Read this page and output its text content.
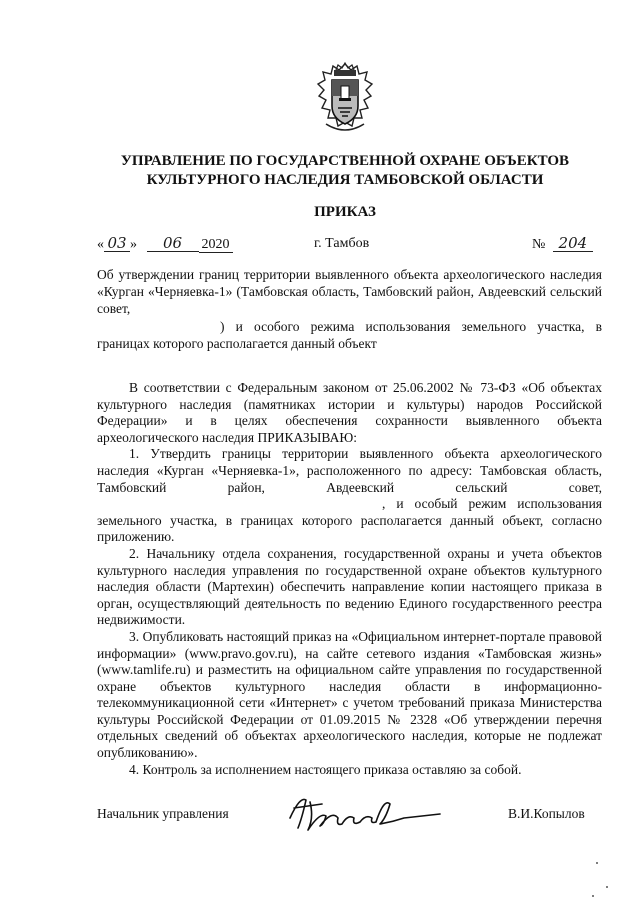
УПРАВЛЕНИЕ ПО ГОСУДАРСТВЕННОЙ ОХРАНЕ ОБЪЕКТОВ
КУЛЬТУРНОГО НАСЛЕДИЯ ТАМБОВСКОЙ ОБЛАСТИ
ПРИКАЗ
« 03 » 06 2020	г. Тамбов	№ 204
Об утверждении границ территории выявленного объекта археологического наследия «Курган «Черняевка-1» (Тамбовская область, Тамбовский район, Авдеевский сельский совет,
) и особого режима использования земельного участка, в границах которого располагается данный объект

В соответствии с Федеральным законом от 25.06.2002 № 73-ФЗ «Об объектах культурного наследия (памятниках истории и культуры) народов Российской Федерации» и в целях обеспечения сохранности выявленного объекта археологического наследия ПРИКАЗЫВАЮ:

1. Утвердить границы территории выявленного объекта археологического наследия «Курган «Черняевка-1», расположенного по адресу: Тамбовская область, Тамбовский район, Авдеевский сельский совет, , и особый режим использования земельного участка, в границах которого располагается данный объект, согласно приложению.

2. Начальнику отдела сохранения, государственной охраны и учета объектов культурного наследия управления по государственной охране объектов культурного наследия области (Мартехин) обеспечить направление копии настоящего приказа в орган, осуществляющий деятельность по ведению Единого государственного реестра недвижимости.

3. Опубликовать настоящий приказ на «Официальном интернет-портале правовой информации» (www.pravo.gov.ru), на сайте сетевого издания «Тамбовская жизнь» (www.tamlife.ru) и разместить на официальном сайте управления по государственной охране объектов культурного наследия области в информационно-телекоммуникационной сети «Интернет» с учетом требований приказа Министерства культуры Российской Федерации от 01.09.2015 № 2328 «Об утверждении перечня отдельных сведений об объектах археологического наследия, которые не подлежат опубликованию».

4. Контроль за исполнением настоящего приказа оставляю за собой.

Начальник управления	В.И.Копылов
